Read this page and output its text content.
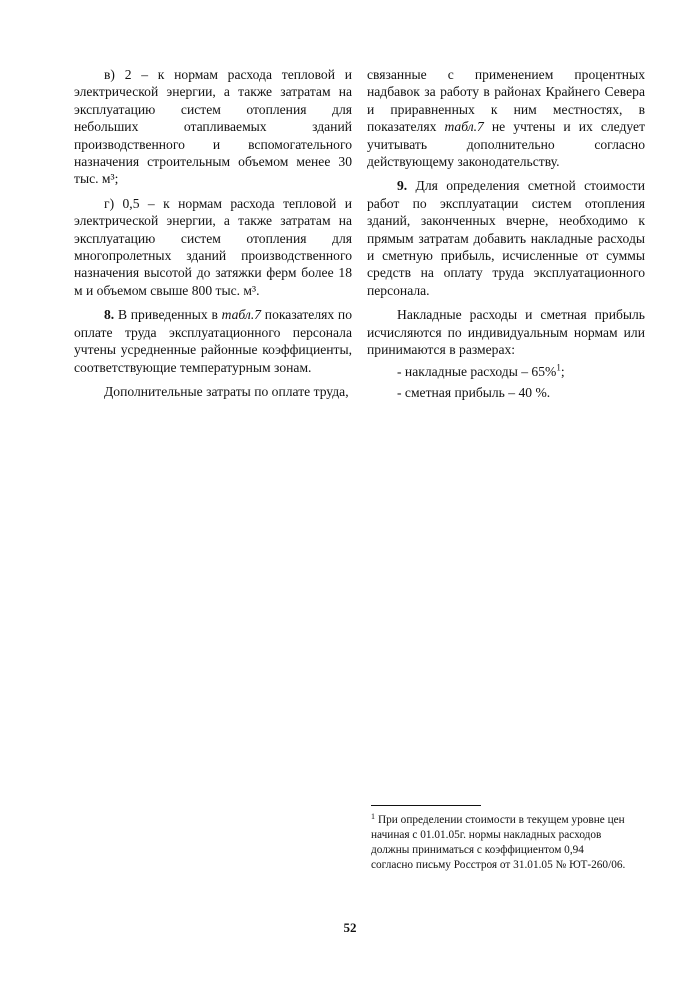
в) 2 – к нормам расхода тепловой и электрической энергии, а также затратам на эксплуатацию систем отопления для небольших отапливаемых зданий производственного и вспомогательного назначения строительным объемом менее 30 тыс. м³;

г) 0,5 – к нормам расхода тепловой и электрической энергии, а также затратам на эксплуатацию систем отопления для многопролетных зданий производственного назначения высотой до затяжки ферм более 18 м и объемом свыше 800 тыс. м³.

8. В приведенных в табл.7 показателях по оплате труда эксплуатационного персонала учтены усредненные районные коэффициенты, соответствующие температурным зонам.

Дополнительные затраты по оплате труда,

связанные с применением процентных надбавок за работу в районах Крайнего Севера и приравненных к ним местностях, в показателях табл.7 не учтены и их следует учитывать дополнительно согласно действующему законодательству.

9. Для определения сметной стоимости работ по эксплуатации систем отопления зданий, законченных вчерне, необходимо к прямым затратам добавить накладные расходы и сметную прибыль, исчисленные от суммы средств на оплату труда эксплуатационного персонала.

Накладные расходы и сметная прибыль исчисляются по индивидуальным нормам или принимаются в размерах:

- накладные расходы – 65%$^1$;

- сметная прибыль – 40 %.

$^1$ При определении стоимости в текущем уровне цен начиная с 01.01.05г. нормы накладных расходов должны приниматься с коэффициентом 0,94 согласно письму Росстроя от 31.01.05 № ЮТ-260/06.
52
